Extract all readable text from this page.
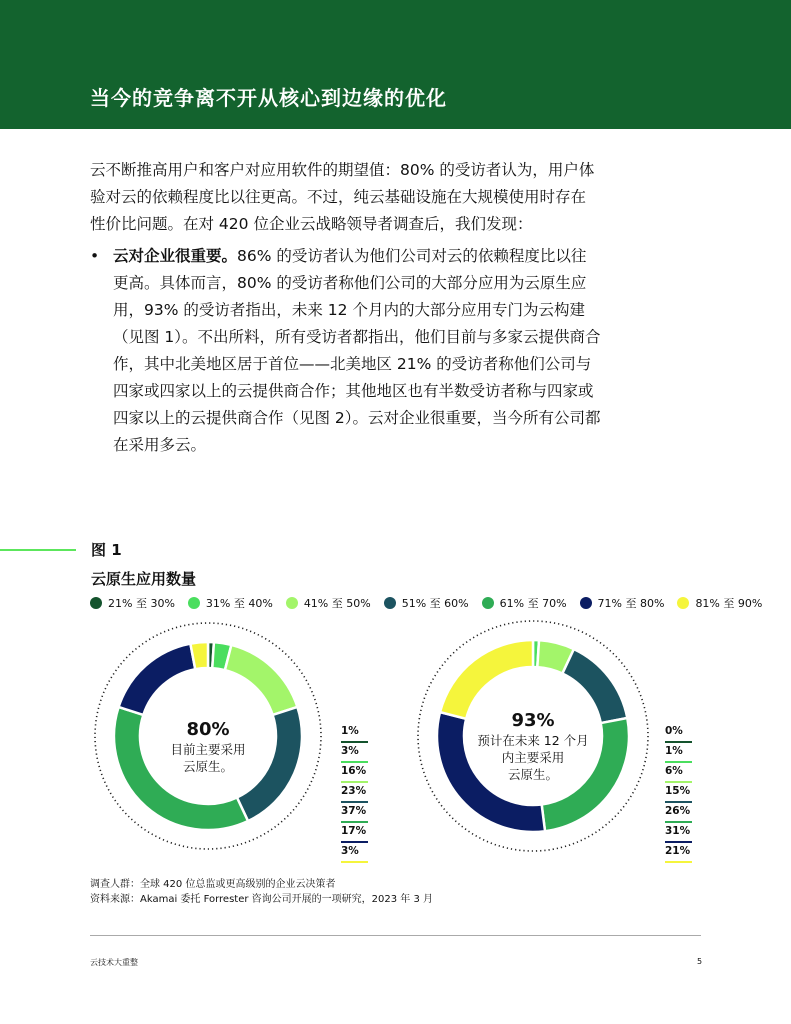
当今的竞争离不开从核心到边缘的优化

云不断推高用户和客户对应用软件的期望值：80% 的受访者认为，用户体
验对云的依赖程度比以往更高。不过，纯云基础设施在大规模使用时存在
性价比问题。在对 420 位企业云战略领导者调查后，我们发现：

• 云对企业很重要。86% 的受访者认为他们公司对云的依赖程度比以往
更高。具体而言，80% 的受访者称他们公司的大部分应用为云原生应
用，93% 的受访者指出，未来 12 个月内的大部分应用专门为云构建
（见图 1）。不出所料，所有受访者都指出，他们目前与多家云提供商合
作，其中北美地区居于首位——北美地区 21% 的受访者称他们公司与
四家或四家以上的云提供商合作；其他地区也有半数受访者称与四家或
四家以上的云提供商合作（见图 2）。云对企业很重要，当今所有公司都
在采用多云。
图 1
云原生应用数量
21% 至 30%	31% 至 40%	41% 至 50%	51% 至 60%	61% 至 70%	71% 至 80%	81% 至 90%
80%
目前主要采用
云原生。
93%
预计在未来 12 个月
内主要采用
云原生。
1%
3%
16%
23%
37%
17%
3%
0%
1%
6%
15%
26%
31%
21%
调查人群：全球 420 位总监或更高级别的企业云决策者
资料来源：Akamai 委托 Forrester 咨询公司开展的一项研究，2023 年 3 月
云技术大重整	5
